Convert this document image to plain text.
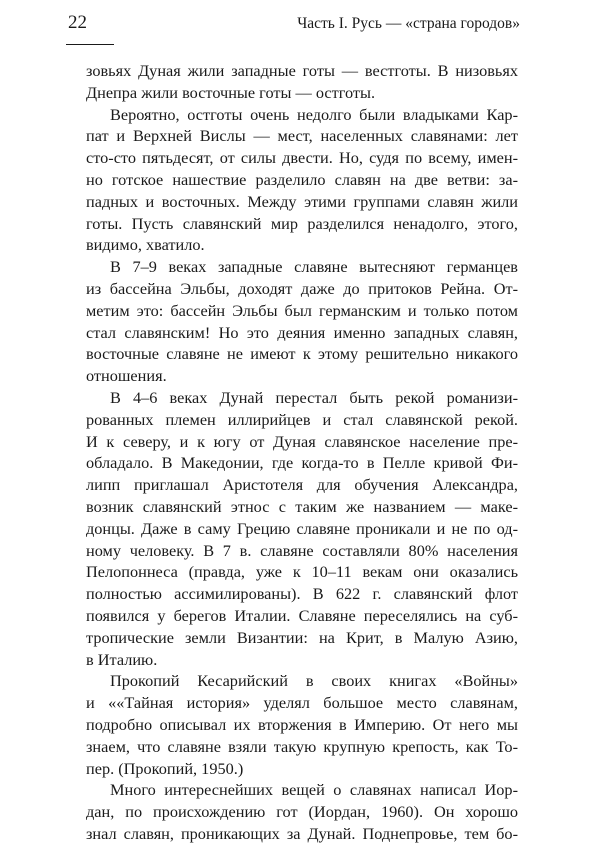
22	Часть I. Русь — «страна городов»

зовьях Дуная жили западные готы — вестготы. В низовьях
Днепра жили восточные готы — остготы.

Вероятно, остготы очень недолго были владыками Кар-
пат и Верхней Вислы — мест, населенных славянами: лет
сто-сто пятьдесят, от силы двести. Но, судя по всему, имен-
но готское нашествие разделило славян на две ветви: за-
падных и восточных. Между этими группами славян жили
готы. Пусть славянский мир разделился ненадолго, этого,
видимо, хватило.

В 7–9 веках западные славяне вытесняют германцев
из бассейна Эльбы, доходят даже до притоков Рейна. От-
метим это: бассейн Эльбы был германским и только потом
стал славянским! Но это деяния именно западных славян,
восточные славяне не имеют к этому решительно никакого
отношения.

В 4–6 веках Дунай перестал быть рекой романизи-
рованных племен иллирийцев и стал славянской рекой.
И к северу, и к югу от Дуная славянское население пре-
обладало. В Македонии, где когда-то в Пелле кривой Фи-
липп приглашал Аристотеля для обучения Александра,
возник славянский этнос с таким же названием — маке-
донцы. Даже в саму Грецию славяне проникали и не по од-
ному человеку. В 7 в. славяне составляли 80% населения
Пелопоннеса (правда, уже к 10–11 векам они оказались
полностью ассимилированы). В 622 г. славянский флот
появился у берегов Италии. Славяне переселялись на суб-
тропические земли Византии: на Крит, в Малую Азию,
в Италию.

Прокопий Кесарийский в своих книгах «Войны»
и ««Тайная история» уделял большое место славянам,
подробно описывал их вторжения в Империю. От него мы
знаем, что славяне взяли такую крупную крепость, как То-
пер. (Прокопий, 1950.)

Много интереснейших вещей о славянах написал Иор-
дан, по происхождению гот (Иордан, 1960). Он хорошо
знал славян, проникающих за Дунай. Поднепровье, тем бо-
